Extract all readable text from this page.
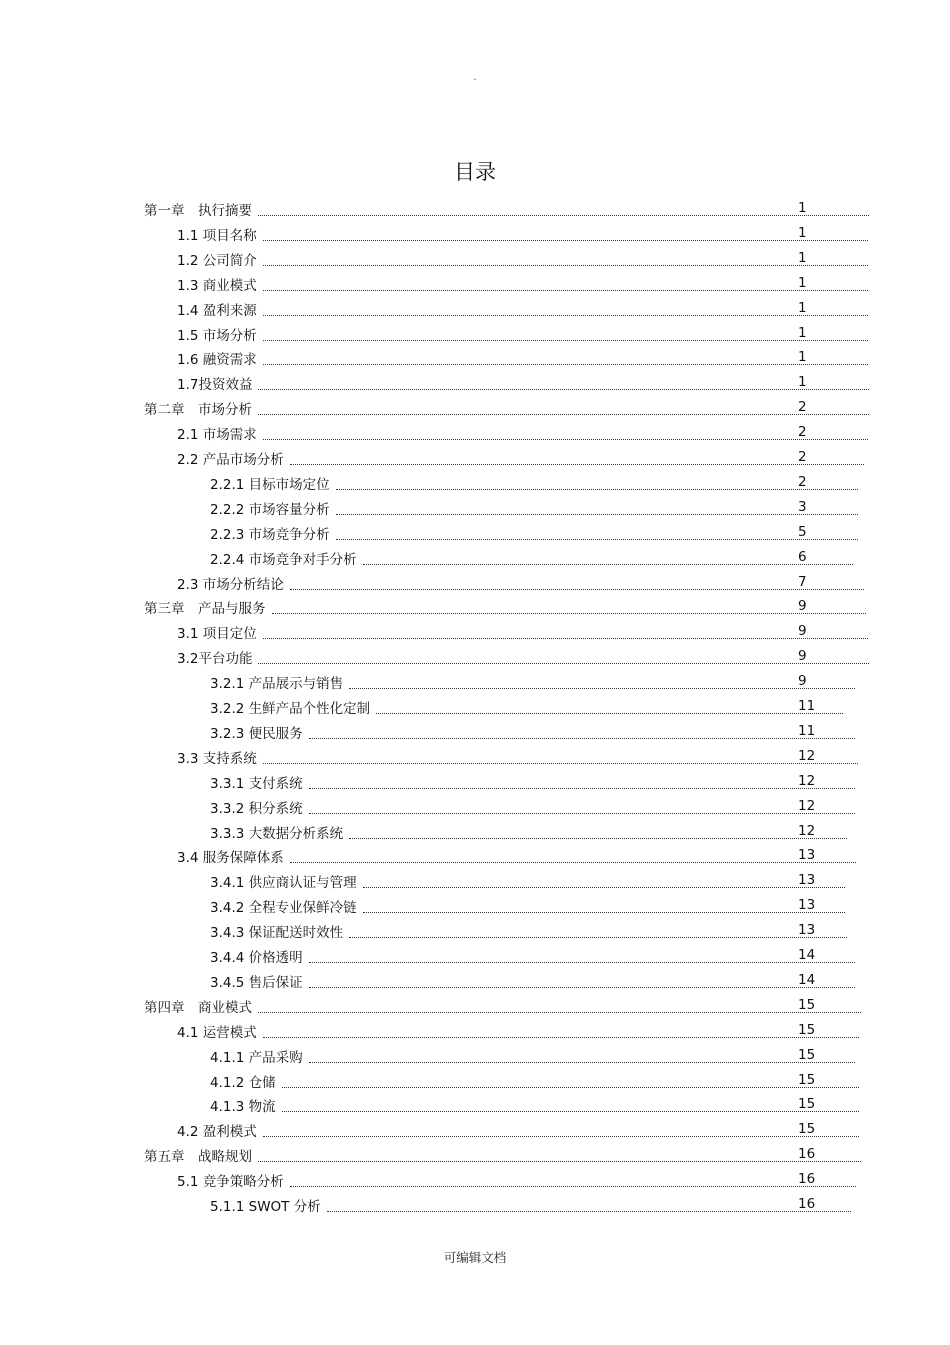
.
目录
第一章　执行摘要	1
1.1 项目名称	1
1.2 公司简介	1
1.3 商业模式	1
1.4 盈利来源	1
1.5 市场分析	1
1.6 融资需求	1
1.7投资效益	1
第二章　市场分析	2
2.1 市场需求	2
2.2 产品市场分析	2
2.2.1 目标市场定位	2
2.2.2 市场容量分析	3
2.2.3 市场竞争分析	5
2.2.4 市场竞争对手分析	6
2.3 市场分析结论	7
第三章　产品与服务	9
3.1 项目定位	9
3.2平台功能	9
3.2.1 产品展示与销售	9
3.2.2 生鲜产品个性化定制	11
3.2.3 便民服务	11
3.3 支持系统	12
3.3.1 支付系统	12
3.3.2 积分系统	12
3.3.3 大数据分析系统	12
3.4 服务保障体系	13
3.4.1 供应商认证与管理	13
3.4.2 全程专业保鲜冷链	13
3.4.3 保证配送时效性	13
3.4.4 价格透明	14
3.4.5 售后保证	14
第四章　商业模式	15
4.1 运营模式	15
4.1.1 产品采购	15
4.1.2 仓储	15
4.1.3 物流	15
4.2 盈利模式	15
第五章　战略规划	16
5.1 竞争策略分析	16
5.1.1 SWOT 分析	16
可编辑文档
